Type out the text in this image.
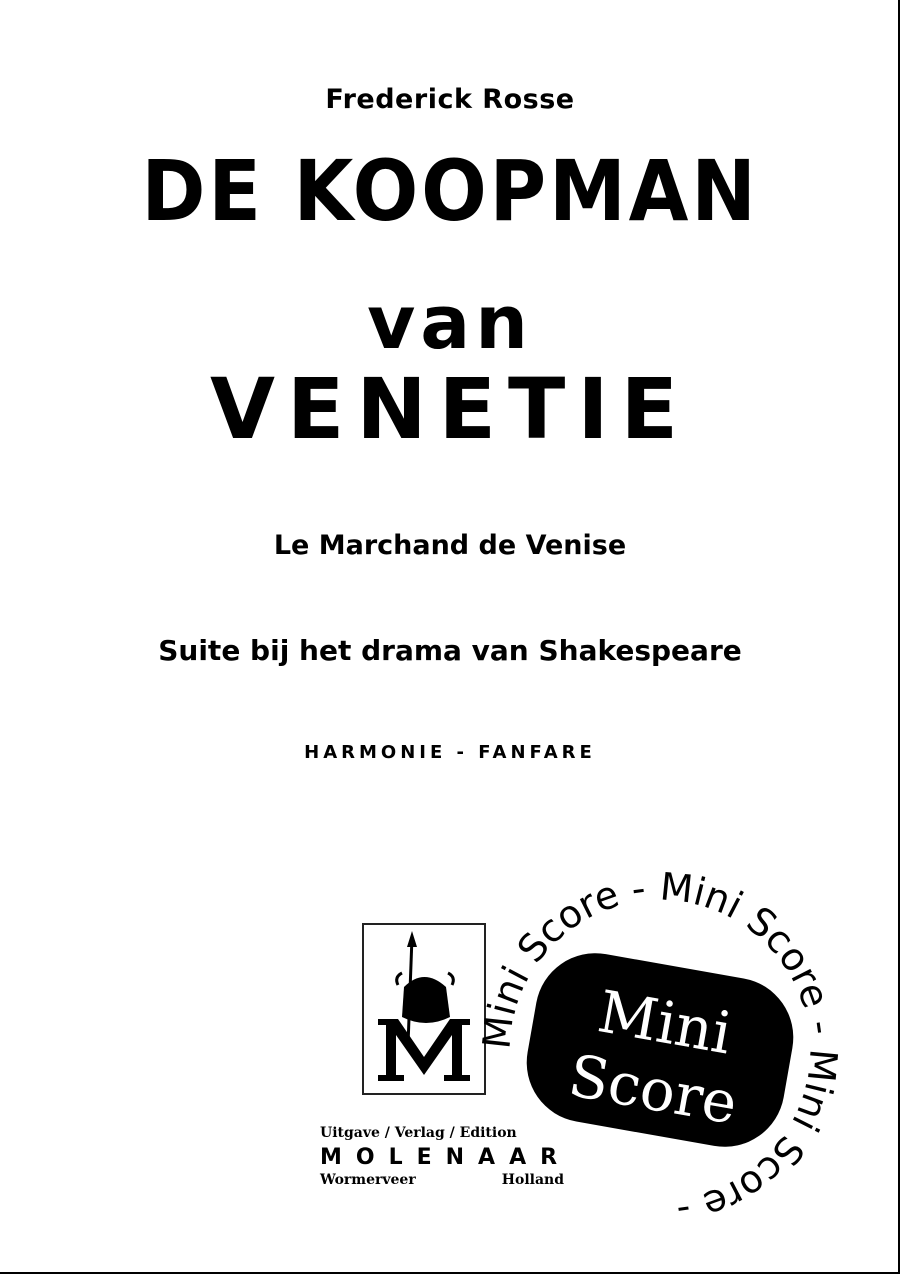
Frederick Rosse
DE KOOPMAN
van
VENETIE
Le Marchand de Venise
Suite bij het drama van Shakespeare
HARMONIE - FANFARE
Uitgave / Verlag / Edition
MOLENAAR
Wormerveer	Holland
Mini Score - Mini Score - Mini Score -
Mini
Score
